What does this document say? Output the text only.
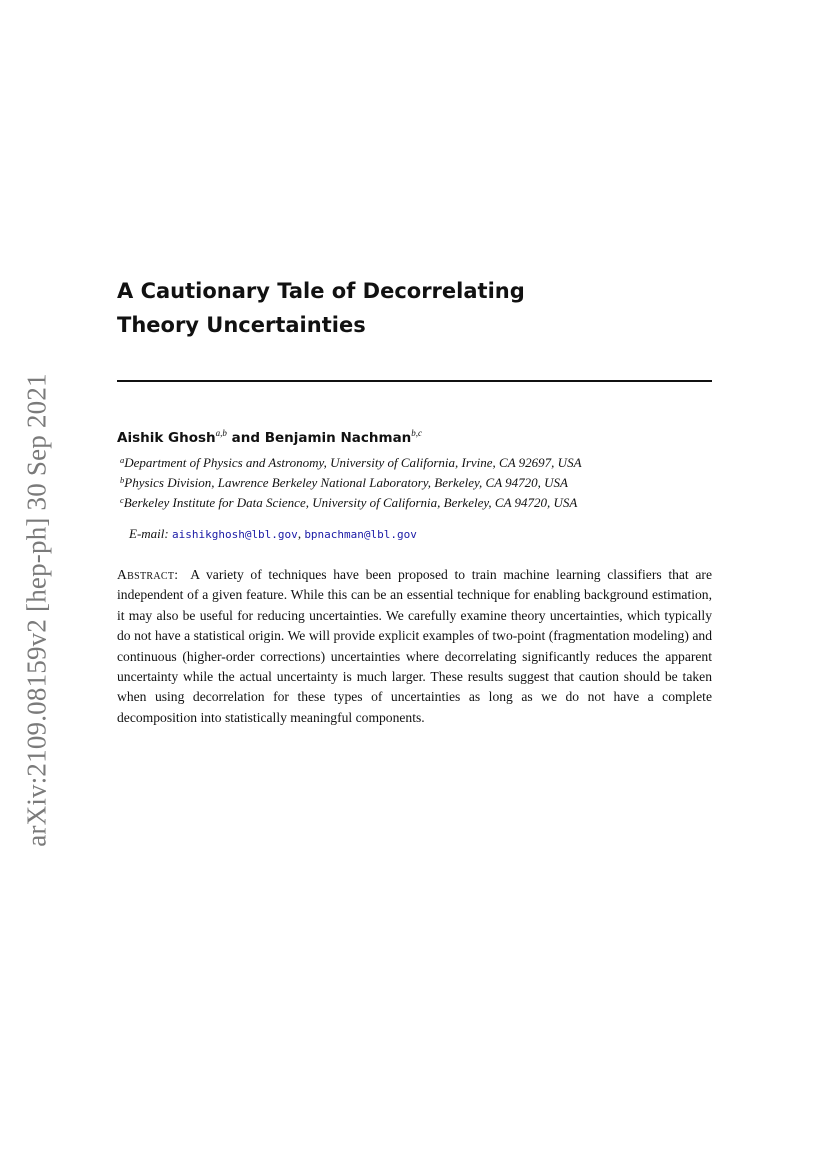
arXiv:2109.08159v2 [hep-ph] 30 Sep 2021
A Cautionary Tale of Decorrelating
Theory Uncertainties
Aishik Ghosh$^{a,b}$ and Benjamin Nachman$^{b,c}$
$^a$Department of Physics and Astronomy, University of California, Irvine, CA 92697, USA
$^b$Physics Division, Lawrence Berkeley National Laboratory, Berkeley, CA 94720, USA
$^c$Berkeley Institute for Data Science, University of California, Berkeley, CA 94720, USA
E-mail: aishikghosh@lbl.gov, bpnachman@lbl.gov
Abstract: A variety of techniques have been proposed to train machine learning classifiers that are independent of a given feature. While this can be an essential technique for enabling background estimation, it may also be useful for reducing uncertainties. We carefully examine theory uncertainties, which typically do not have a statistical origin. We will provide explicit examples of two-point (fragmentation modeling) and continuous (higher-order corrections) uncertainties where decorrelating significantly reduces the apparent uncertainty while the actual uncertainty is much larger. These results suggest that caution should be taken when using decorrelation for these types of uncertainties as long as we do not have a complete decomposition into statistically meaningful components.
